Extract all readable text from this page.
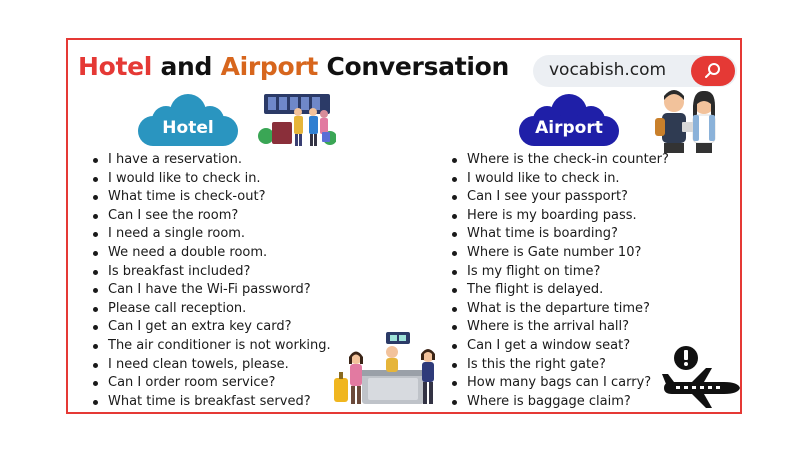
Hotel and Airport Conversation vocabish.com
Hotel	Airport
I have a reservation.
I would like to check in.
What time is check-out?
Can I see the room?
I need a single room.
We need a double room.
Is breakfast included?
Can I have the Wi-Fi password?
Please call reception.
Can I get an extra key card?
The air conditioner is not working.
I need clean towels, please.
Can I order room service?
What time is breakfast served?
Where is the check-in counter?
I would like to check in.
Can I see your passport?
Here is my boarding pass.
What time is boarding?
Where is Gate number 10?
Is my flight on time?
The flight is delayed.
What is the departure time?
Where is the arrival hall?
Can I get a window seat?
Is this the right gate?
How many bags can I carry?
Where is baggage claim?
